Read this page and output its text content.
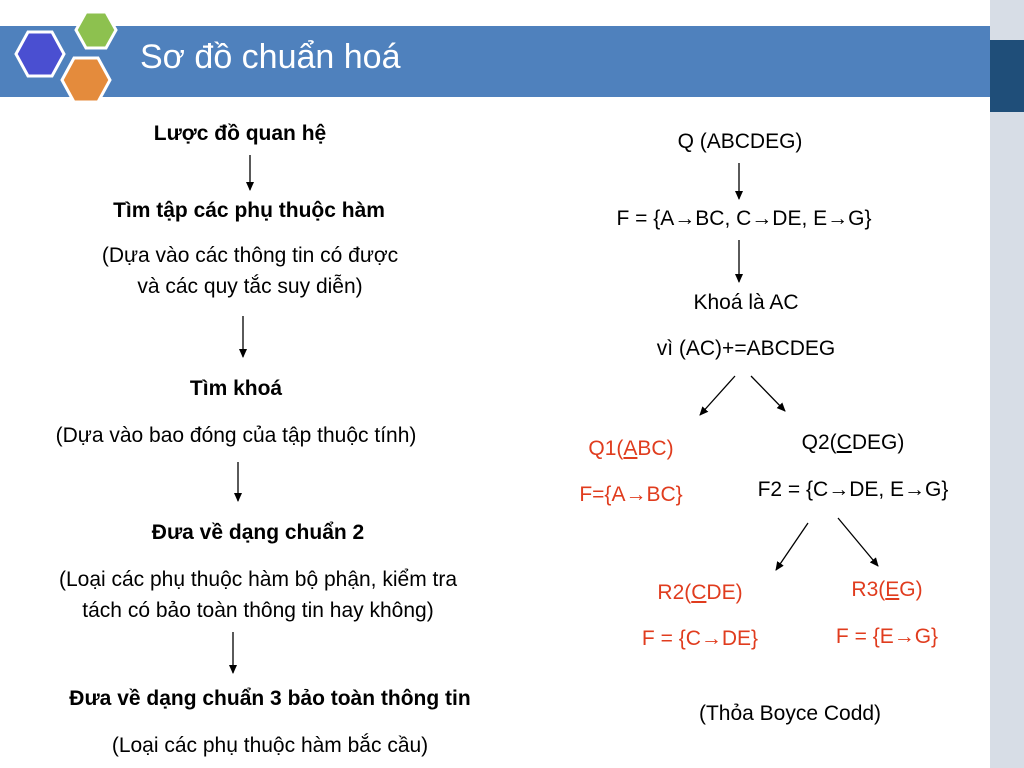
Sơ đồ chuẩn hoá
Lược đồ quan hệ
Tìm tập các phụ thuộc hàm
(Dựa vào các thông tin có được
và các quy tắc suy diễn)
Tìm khoá
(Dựa vào bao đóng của tập thuộc tính)
Đưa về dạng chuẩn 2
(Loại các phụ thuộc hàm bộ phận, kiểm tra
tách có bảo toàn thông tin hay không)
Đưa về dạng chuẩn 3 bảo toàn thông tin
(Loại các phụ thuộc hàm bắc cầu)
Q (ABCDEG)
F = {A→BC, C→DE, E→G}
Khoá là AC
vì (AC)+=ABCDEG
Q1(ABC)
F={A→BC}
Q2(CDEG)
F2 = {C→DE, E→G}
R2(CDE)
F = {C→DE}
R3(EG)
F = {E→G}
(Thỏa Boyce Codd)
